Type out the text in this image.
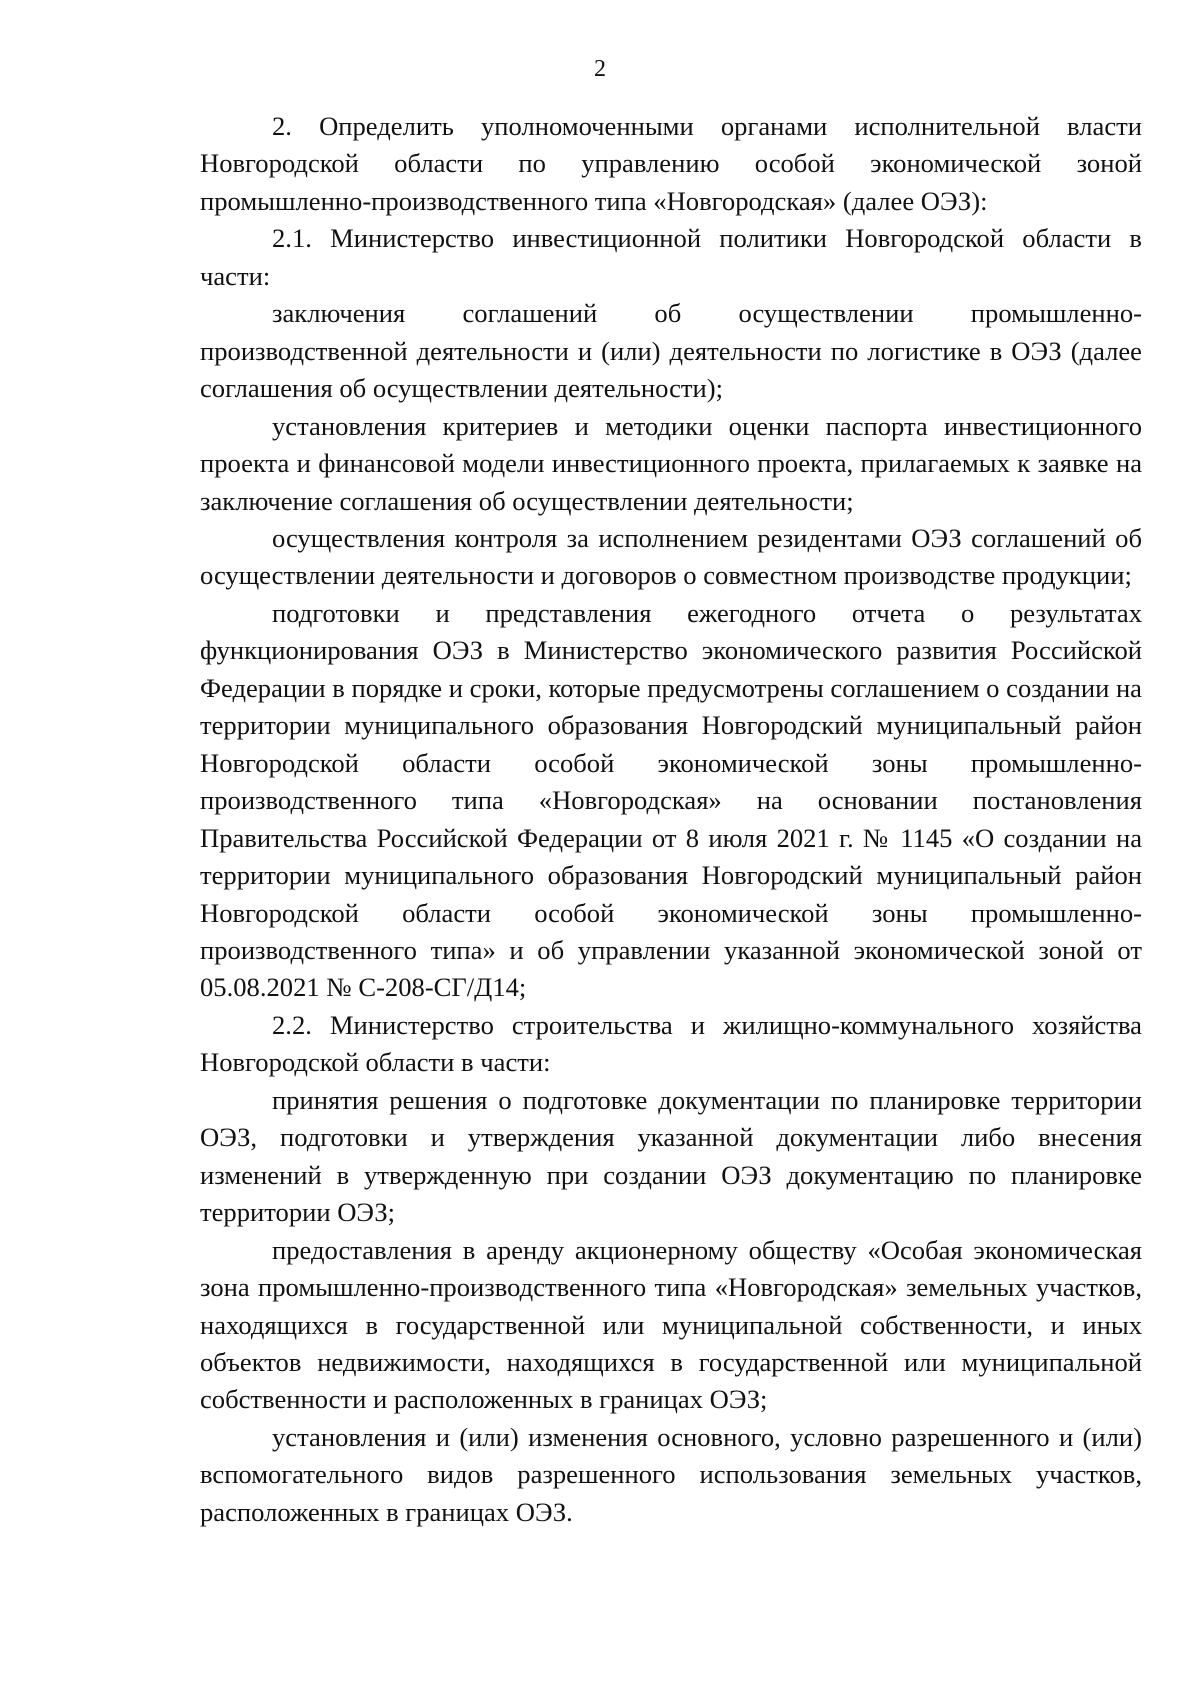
2

2. Определить уполномоченными органами исполнительной власти Новгородской области по управлению особой экономической зоной промышленно-производственного типа «Новгородская» (далее ОЭЗ):

2.1. Министерство инвестиционной политики Новгородской области в части:

заключения соглашений об осуществлении промышленно-производственной деятельности и (или) деятельности по логистике в ОЭЗ (далее соглашения об осуществлении деятельности);

установления критериев и методики оценки паспорта инвестиционного проекта и финансовой модели инвестиционного проекта, прилагаемых к заявке на заключение соглашения об осуществлении деятельности;

осуществления контроля за исполнением резидентами ОЭЗ соглашений об осуществлении деятельности и договоров о совместном производстве продукции;

подготовки и представления ежегодного отчета о результатах функционирования ОЭЗ в Министерство экономического развития Российской Федерации в порядке и сроки, которые предусмотрены соглашением о создании на территории муниципального образования Новгородский муниципальный район Новгородской области особой экономической зоны промышленно-производственного типа «Новгородская» на основании постановления Правительства Российской Федерации от 8 июля 2021 г. № 1145 «О создании на территории муниципального образования Новгородский муниципальный район Новгородской области особой экономической зоны промышленно-производственного типа» и об управлении указанной экономической зоной от 05.08.2021 № С-208-СГ/Д14;

2.2. Министерство строительства и жилищно-коммунального хозяйства Новгородской области в части:

принятия решения о подготовке документации по планировке территории ОЭЗ, подготовки и утверждения указанной документации либо внесения изменений в утвержденную при создании ОЭЗ документацию по планировке территории ОЭЗ;

предоставления в аренду акционерному обществу «Особая экономическая зона промышленно-производственного типа «Новгородская» земельных участков, находящихся в государственной или муниципальной собственности, и иных объектов недвижимости, находящихся в государственной или муниципальной собственности и расположенных в границах ОЭЗ;

установления и (или) изменения основного, условно разрешенного и (или) вспомогательного видов разрешенного использования земельных участков, расположенных в границах ОЭЗ.
